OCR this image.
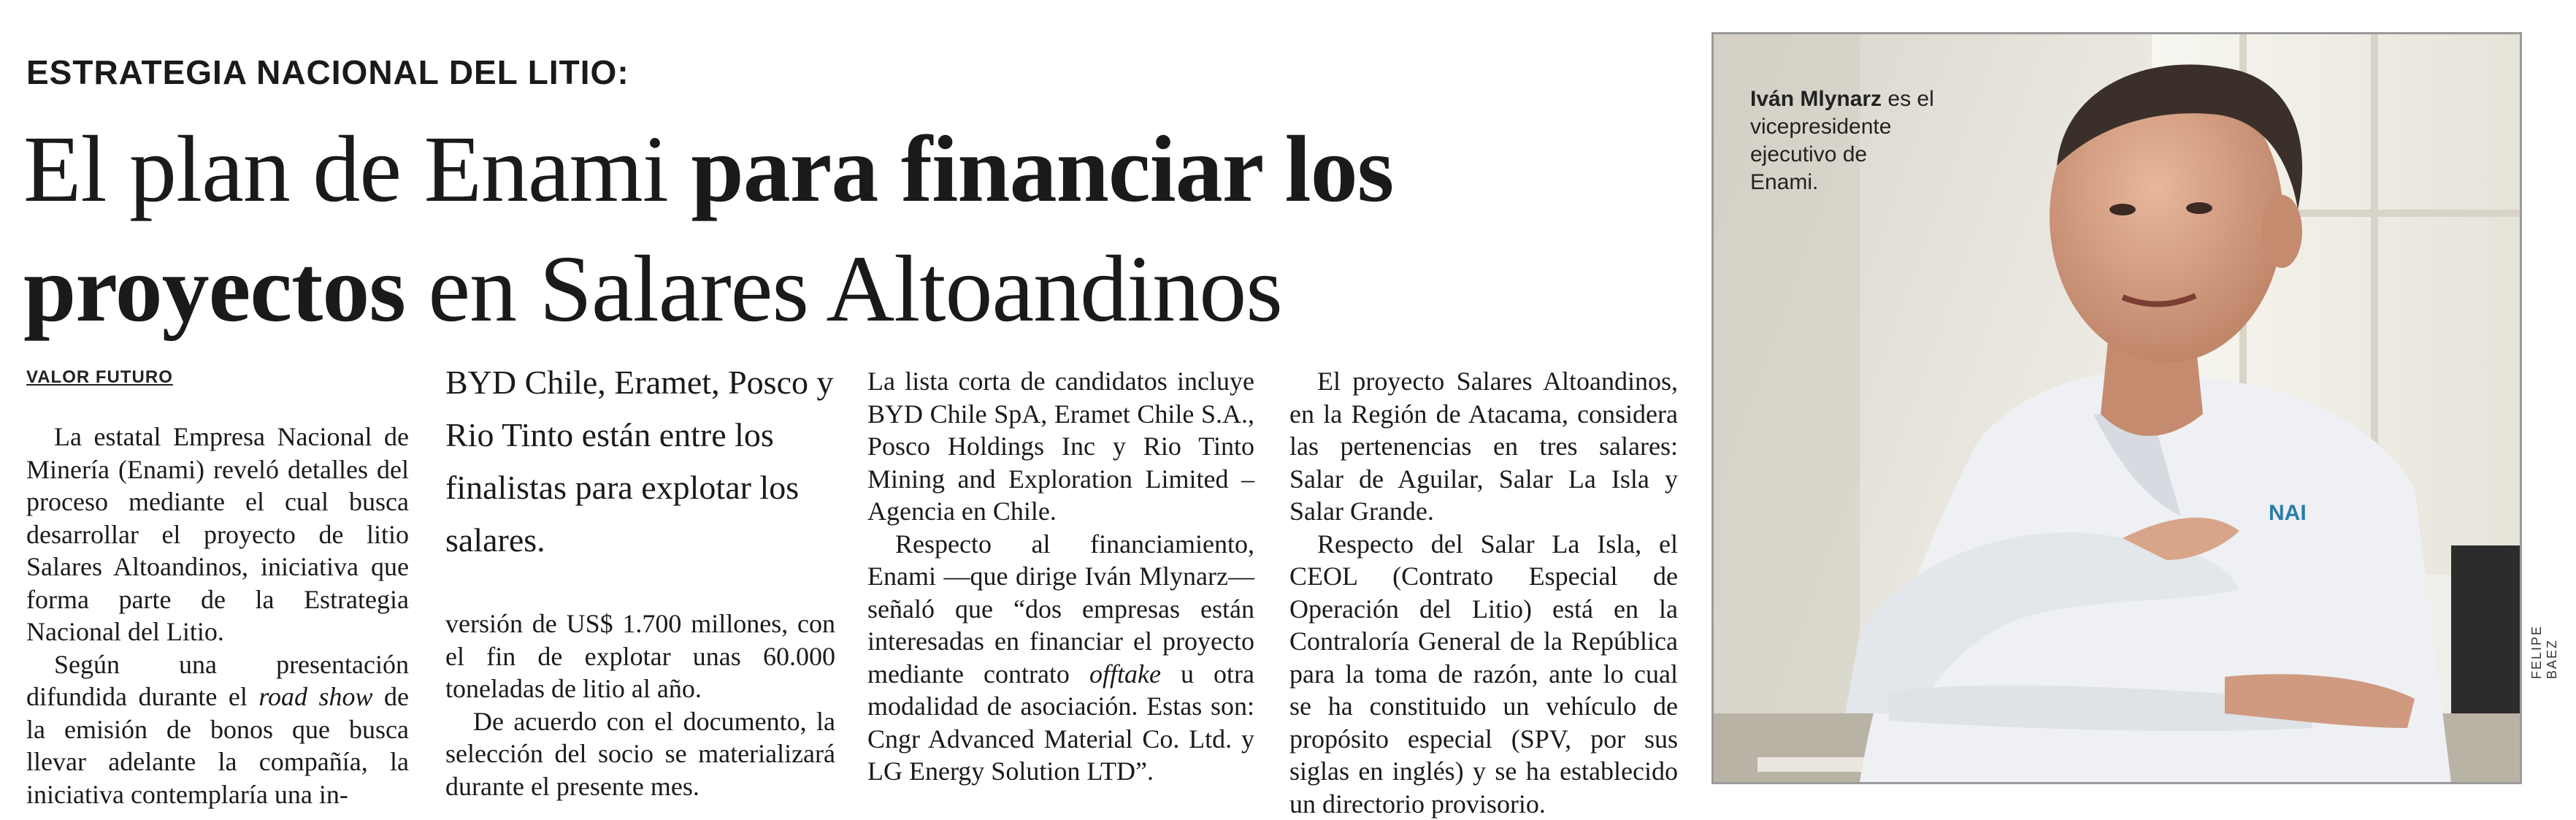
ESTRATEGIA NACIONAL DEL LITIO:
El plan de Enami para financiar los
proyectos en Salares Altoandinos
VALOR FUTURO

La estatal Empresa Nacional de Minería (Enami) reveló detalles del proceso mediante el cual busca desarrollar el proyecto de litio Salares Altoandinos, iniciativa que forma parte de la Estrategia Nacional del Litio.

Según una presentación difundida durante el road show de la emisión de bonos que busca llevar adelante la compañía, la iniciativa contemplaría una in-

BYD Chile, Eramet, Posco y Rio Tinto están entre los finalistas para explotar los salares.

versión de US$ 1.700 millones, con el fin de explotar unas 60.000 toneladas de litio al año.

De acuerdo con el documento, la selección del socio se materializará durante el presente mes.

La lista corta de candidatos incluye BYD Chile SpA, Eramet Chile S.A., Posco Holdings Inc y Rio Tinto Mining and Exploration Limited – Agencia en Chile.

Respecto al financiamiento, Enami —que dirige Iván Mlynarz— señaló que “dos empresas están interesadas en financiar el proyecto mediante contrato offtake u otra modalidad de asociación. Estas son: Cngr Advanced Material Co. Ltd. y LG Energy Solution LTD”.

El proyecto Salares Altoandinos, en la Región de Atacama, considera las pertenencias en tres salares: Salar de Aguilar, Salar La Isla y Salar Grande.

Respecto del Salar La Isla, el CEOL (Contrato Especial de Operación del Litio) está en la Contraloría General de la República para la toma de razón, ante lo cual se ha constituido un vehículo de propósito especial (SPV, por sus siglas en inglés) y se ha establecido un directorio provisorio.

NAI
Iván Mlynarz es el vicepresidente ejecutivo de Enami.
FELIPE BAEZ
